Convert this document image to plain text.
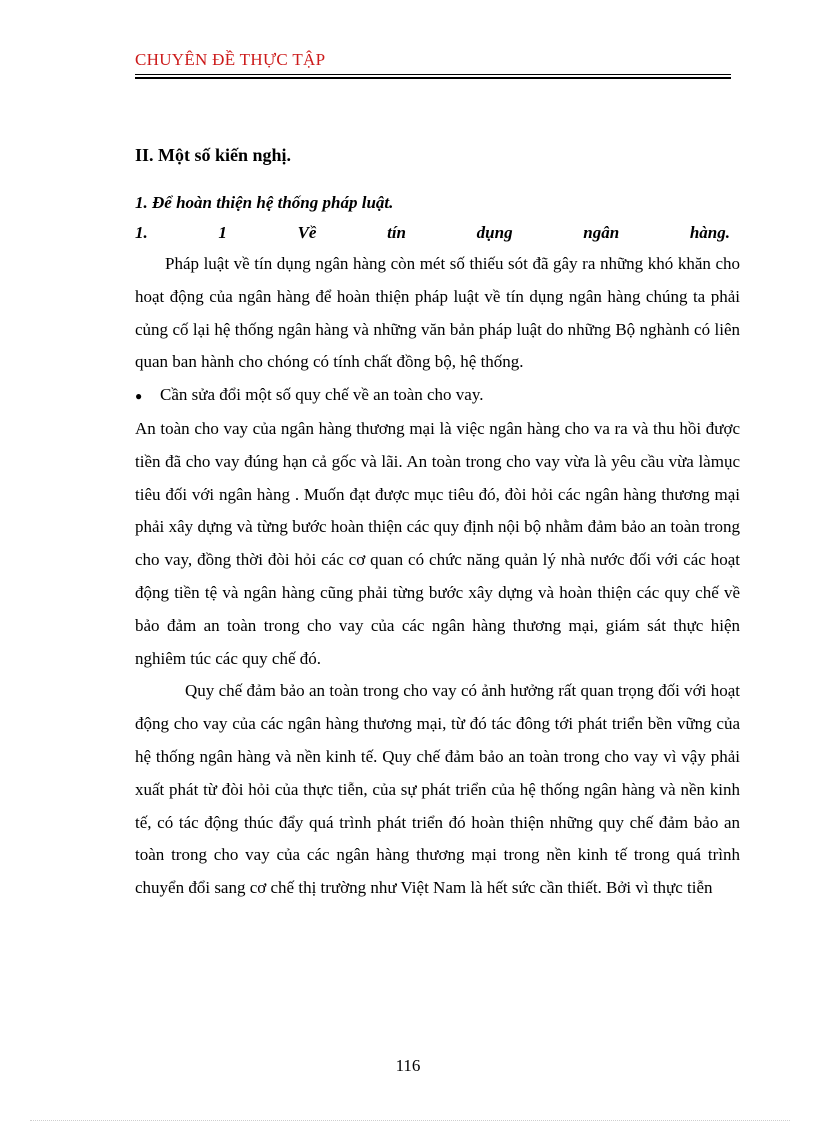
CHUYÊN ĐỀ THỰC TẬP
II. Một số kiến nghị.
1. Để hoàn thiện hệ thống pháp luật.
1.	1	Về	tín	dụng	ngân	hàng.

Pháp luật về tín dụng ngân hàng còn mét số thiếu sót đã gây ra những khó khăn cho hoạt động của ngân hàng để hoàn thiện pháp luật về tín dụng ngân hàng chúng ta phải củng cố lại hệ thống ngân hàng và những văn bản pháp luật do những Bộ nghành có liên quan ban hành cho chóng có tính chất đồng bộ, hệ thống.

●	Cần sửa đổi một số quy chế về an toàn cho vay.

An toàn cho vay của ngân hàng thương mại là việc ngân hàng cho va ra và thu hồi được tiền đã cho vay đúng hạn cả gốc và lãi. An toàn trong cho vay vừa là yêu cầu vừa làmục tiêu đối với ngân hàng . Muốn đạt được mục tiêu đó, đòi hỏi các ngân hàng thương mại phải xây dựng và từng bước hoàn thiện các quy định nội bộ nhằm đảm bảo an toàn trong cho vay, đồng thời đòi hỏi các cơ quan có chức năng quản lý nhà nước đối với các hoạt động tiền tệ và ngân hàng cũng phải từng bước xây dựng và hoàn thiện các quy chế về bảo đảm an toàn trong cho vay của các ngân hàng thương mại, giám sát thực hiện nghiêm túc các quy chế đó.

Quy chế đảm bảo an toàn trong cho vay có ảnh hưởng rất quan trọng đối với hoạt động cho vay của các ngân hàng thương mại, từ đó tác đông tới phát triển bền vững của hệ thống ngân hàng và nền kinh tế. Quy chế đảm bảo an toàn trong cho vay vì vậy phải xuất phát từ đòi hỏi của thực tiễn, của sự phát triển của hệ thống ngân hàng và nền kinh tế, có tác động thúc đẩy quá trình phát triển đó hoàn thiện những quy chế đảm bảo an toàn trong cho vay của các ngân hàng thương mại trong nền kinh tế trong quá trình chuyển đổi sang cơ chế thị trường như Việt Nam là hết sức cần thiết. Bởi vì thực tiễn

116
